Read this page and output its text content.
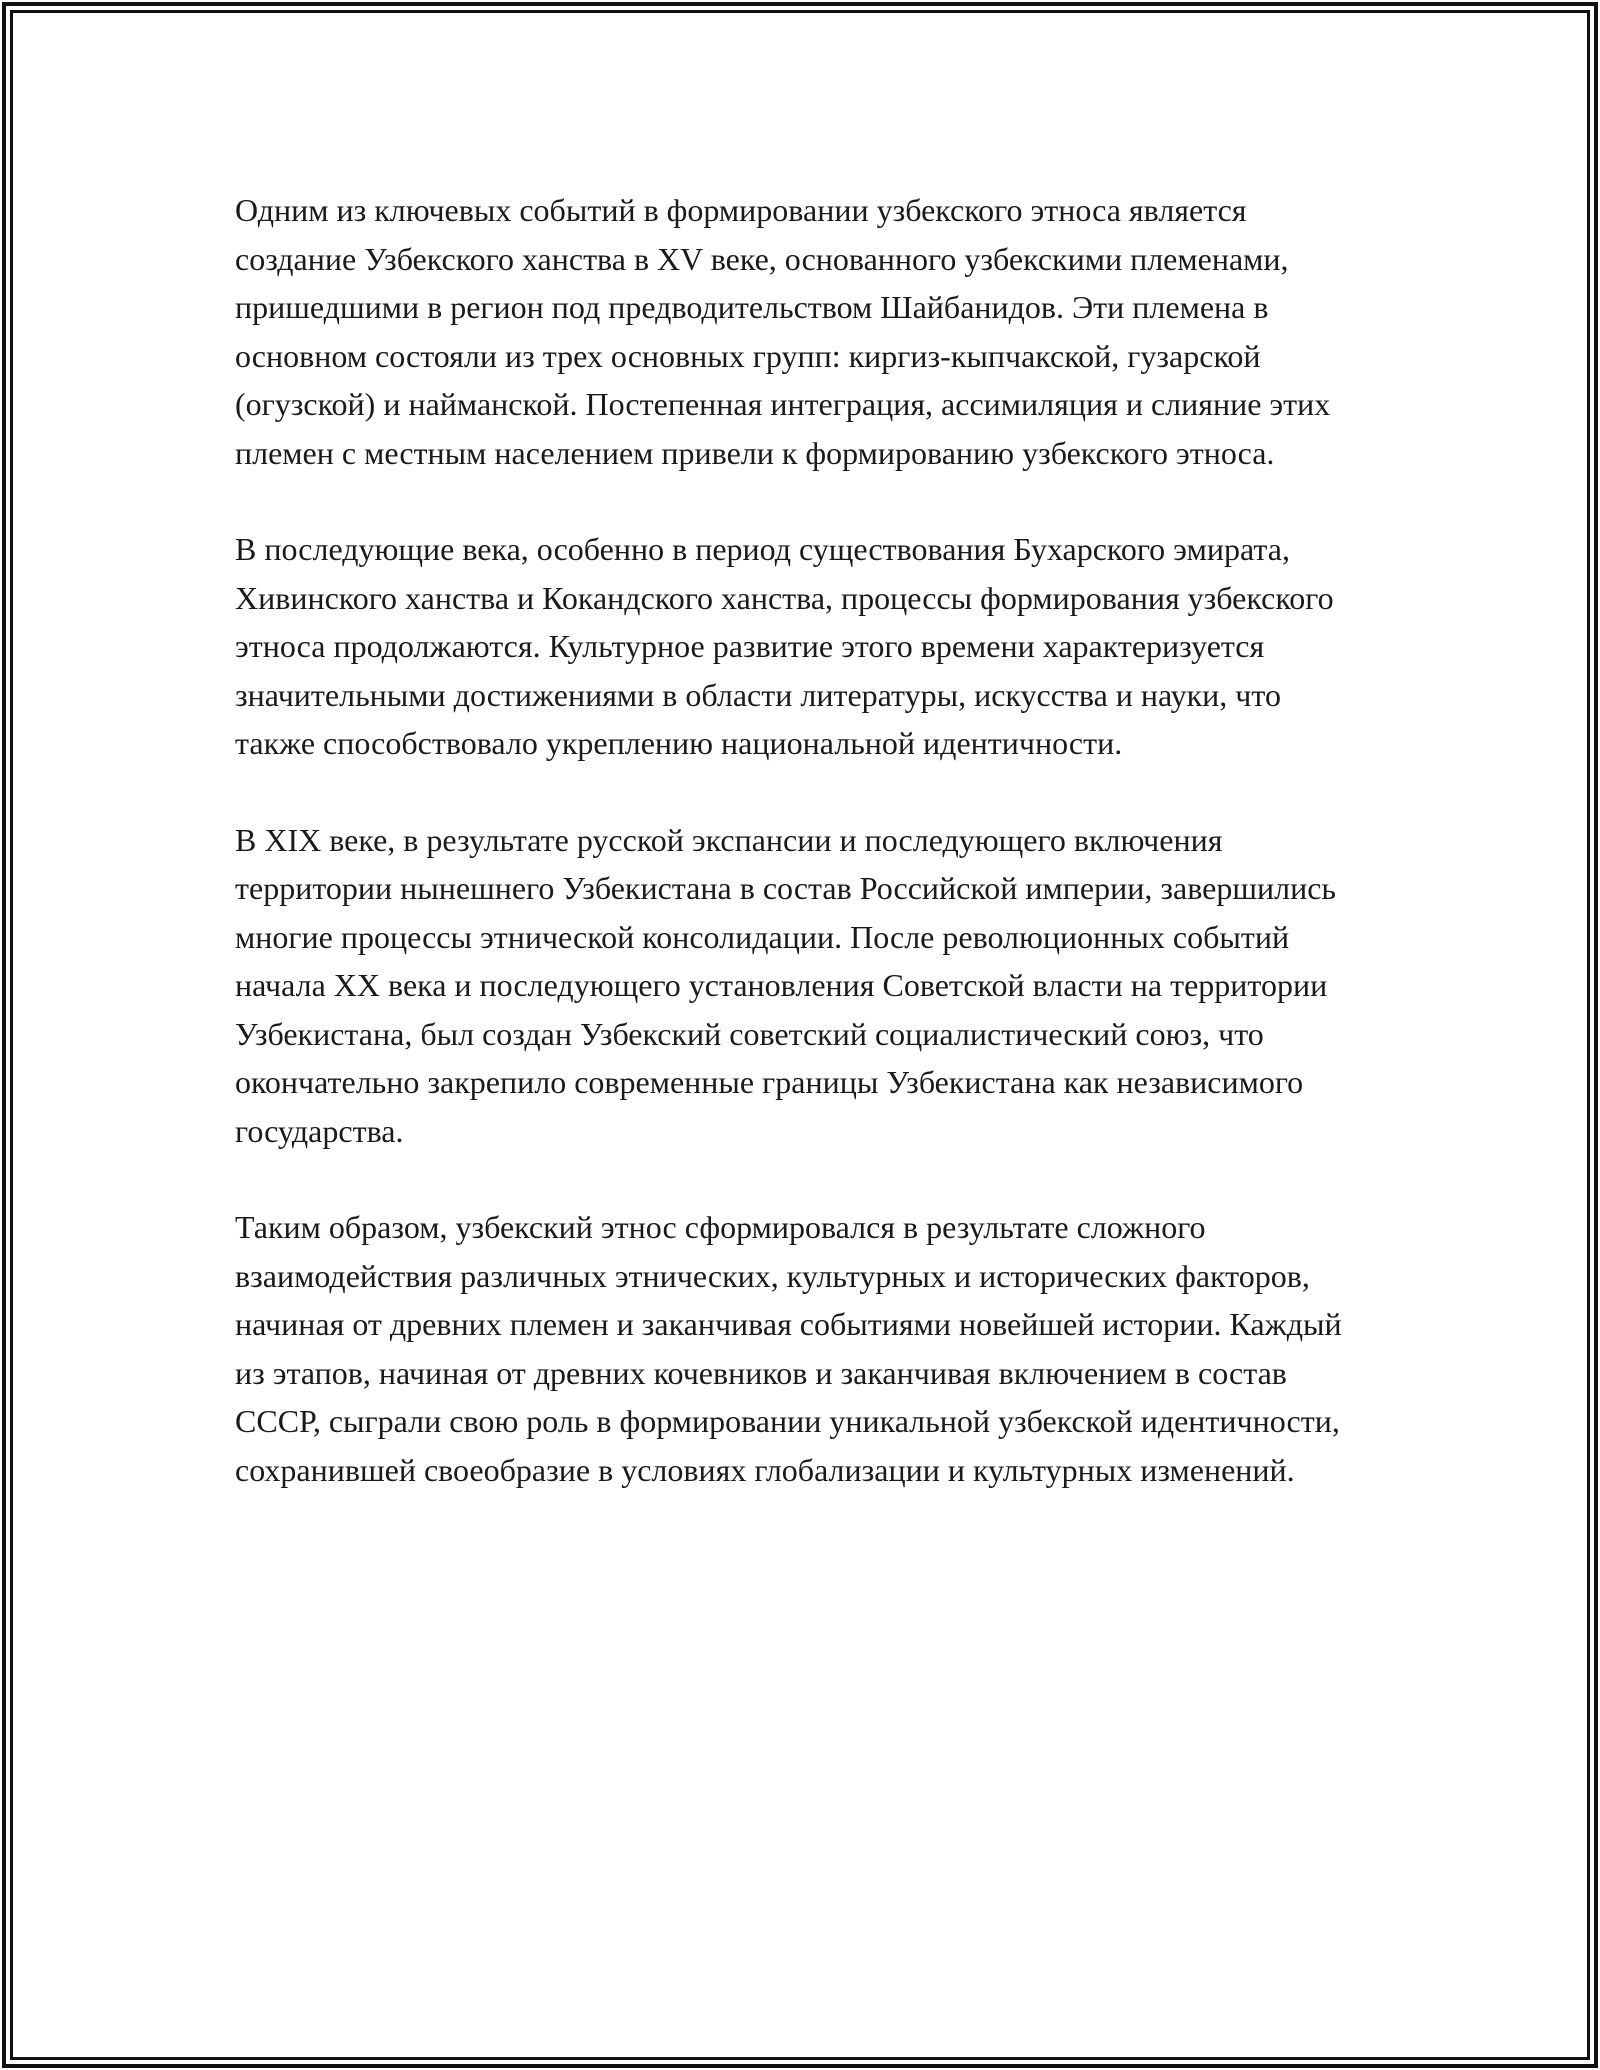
Одним из ключевых событий в формировании узбекского этноса является создание Узбекского ханства в XV веке, основанного узбекскими племенами, пришедшими в регион под предводительством Шайбанидов. Эти племена в основном состояли из трех основных групп: киргиз-кыпчакской, гузарской (огузской) и найманской. Постепенная интеграция, ассимиляция и слияние этих племен с местным населением привели к формированию узбекского этноса.

В последующие века, особенно в период существования Бухарского эмирата, Хивинского ханства и Кокандского ханства, процессы формирования узбекского этноса продолжаются. Культурное развитие этого времени характеризуется значительными достижениями в области литературы, искусства и науки, что также способствовало укреплению национальной идентичности.

В XIX веке, в результате русской экспансии и последующего включения территории нынешнего Узбекистана в состав Российской империи, завершились многие процессы этнической консолидации. После революционных событий начала XX века и последующего установления Советской власти на территории Узбекистана, был создан Узбекский советский социалистический союз, что окончательно закрепило современные границы Узбекистана как независимого государства.

Таким образом, узбекский этнос сформировался в результате сложного взаимодействия различных этнических, культурных и исторических факторов, начиная от древних племен и заканчивая событиями новейшей истории. Каждый из этапов, начиная от древних кочевников и заканчивая включением в состав СССР, сыграли свою роль в формировании уникальной узбекской идентичности, сохранившей своеобразие в условиях глобализации и культурных изменений.
